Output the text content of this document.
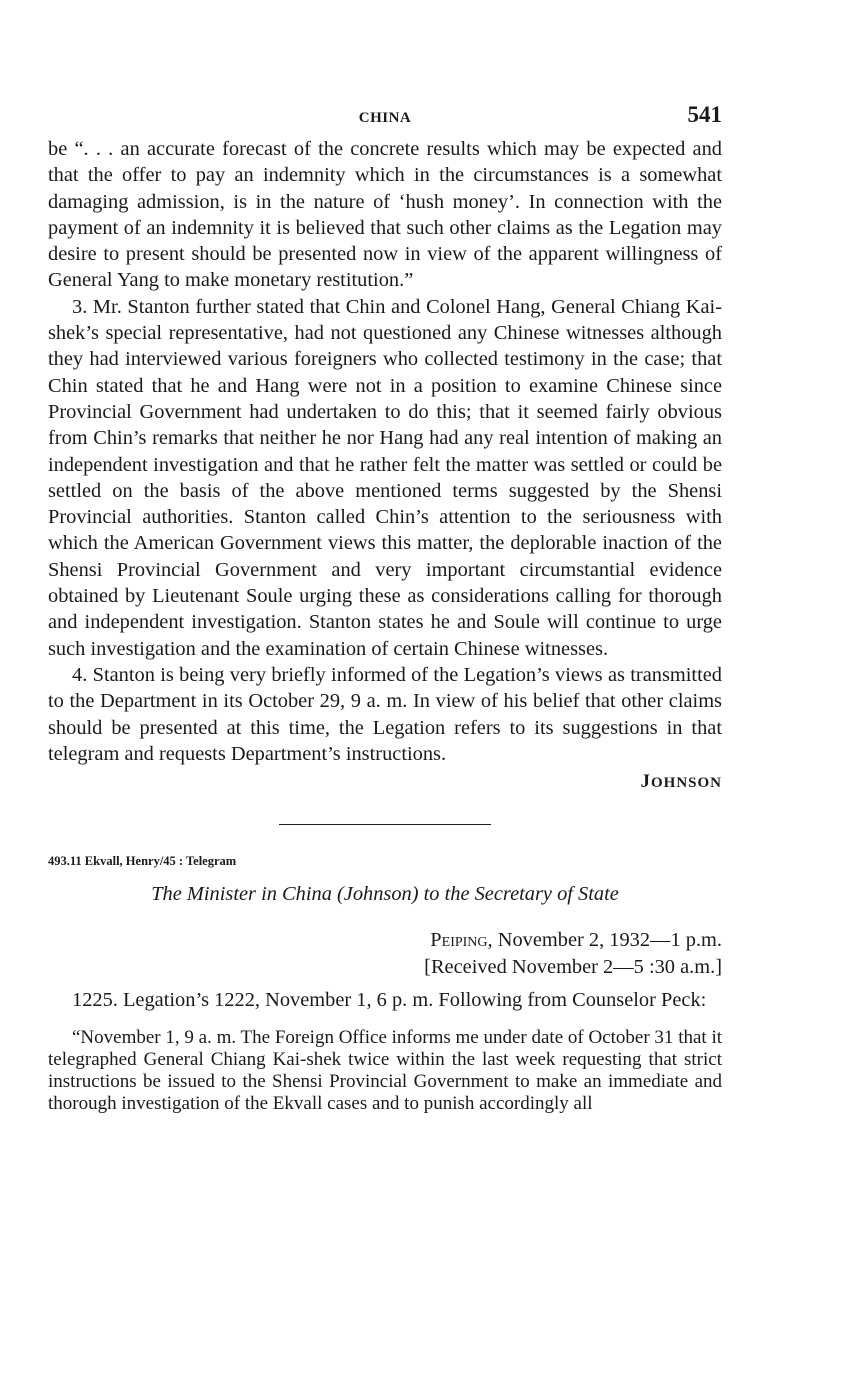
CHINA	541

be “. . . an accurate forecast of the concrete results which may be expected and that the offer to pay an indemnity which in the circumstances is a somewhat damaging admission, is in the nature of ‘hush money’. In connection with the payment of an indemnity it is believed that such other claims as the Legation may desire to present should be presented now in view of the apparent willingness of General Yang to make monetary restitution.”

3. Mr. Stanton further stated that Chin and Colonel Hang, General Chiang Kai-shek’s special representative, had not questioned any Chinese witnesses although they had interviewed various foreigners who collected testimony in the case; that Chin stated that he and Hang were not in a position to examine Chinese since Provincial Government had undertaken to do this; that it seemed fairly obvious from Chin’s remarks that neither he nor Hang had any real intention of making an independent investigation and that he rather felt the matter was settled or could be settled on the basis of the above mentioned terms suggested by the Shensi Provincial authorities. Stanton called Chin’s attention to the seriousness with which the American Government views this matter, the deplorable inaction of the Shensi Provincial Government and very important circumstantial evidence obtained by Lieutenant Soule urging these as considerations calling for thorough and independent investigation. Stanton states he and Soule will continue to urge such investigation and the examination of certain Chinese witnesses.

4. Stanton is being very briefly informed of the Legation’s views as transmitted to the Department in its October 29, 9 a. m. In view of his belief that other claims should be presented at this time, the Legation refers to its suggestions in that telegram and requests Department’s instructions.

JOHNSON
493.11 Ekvall, Henry/45 : Telegram
The Minister in China (Johnson) to the Secretary of State
Peiping, November 2, 1932—1 p.m.
[Received November 2—5 :30 a.m.]

1225. Legation’s 1222, November 1, 6 p. m. Following from Counselor Peck:

“November 1, 9 a. m. The Foreign Office informs me under date of October 31 that it telegraphed General Chiang Kai-shek twice within the last week requesting that strict instructions be issued to the Shensi Provincial Government to make an immediate and thorough investigation of the Ekvall cases and to punish accordingly all
